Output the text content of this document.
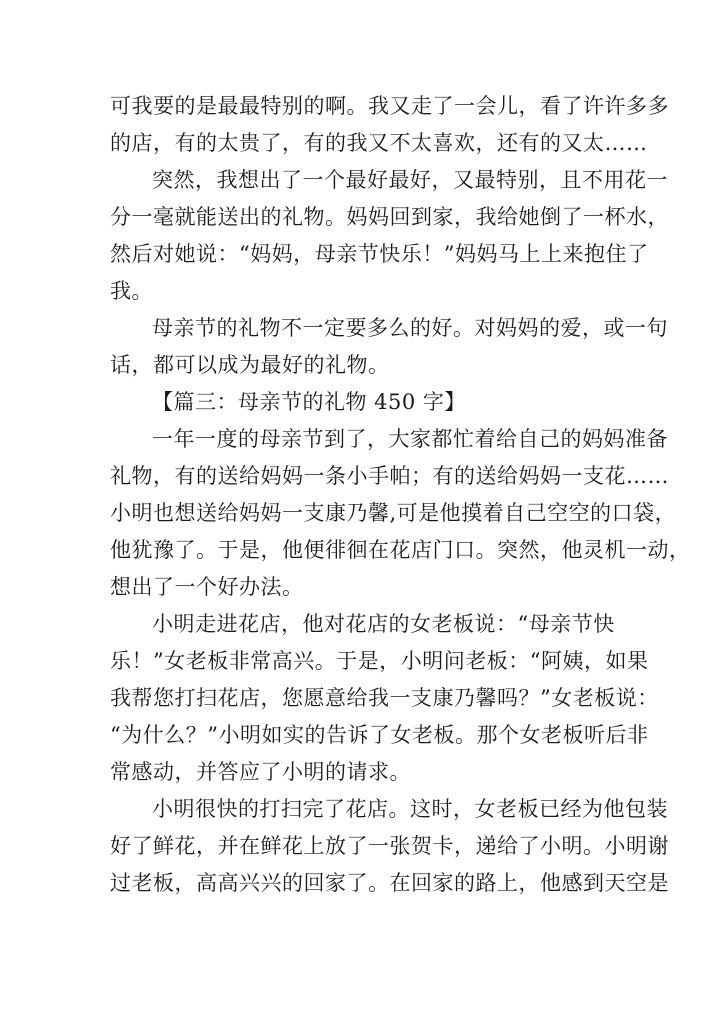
可我要的是最最特别的啊。我又走了一会儿，看了许许多多
的店，有的太贵了，有的我又不太喜欢，还有的又太……
突然，我想出了一个最好最好，又最特别，且不用花一
分一毫就能送出的礼物。妈妈回到家，我给她倒了一杯水，
然后对她说：“妈妈，母亲节快乐！”妈妈马上上来抱住了
我。
母亲节的礼物不一定要多么的好。对妈妈的爱，或一句
话，都可以成为最好的礼物。
【篇三：母亲节的礼物 450 字】
一年一度的母亲节到了，大家都忙着给自己的妈妈准备
礼物，有的送给妈妈一条小手帕；有的送给妈妈一支花……
小明也想送给妈妈一支康乃馨,可是他摸着自己空空的口袋，
他犹豫了。于是，他便徘徊在花店门口。突然，他灵机一动，
想出了一个好办法。
小明走进花店，他对花店的女老板说：“母亲节快
乐！”女老板非常高兴。于是，小明问老板：“阿姨，如果
我帮您打扫花店，您愿意给我一支康乃馨吗？”女老板说：
“为什么？”小明如实的告诉了女老板。那个女老板听后非
常感动，并答应了小明的请求。
小明很快的打扫完了花店。这时，女老板已经为他包装
好了鲜花，并在鲜花上放了一张贺卡，递给了小明。小明谢
过老板，高高兴兴的回家了。在回家的路上，他感到天空是
